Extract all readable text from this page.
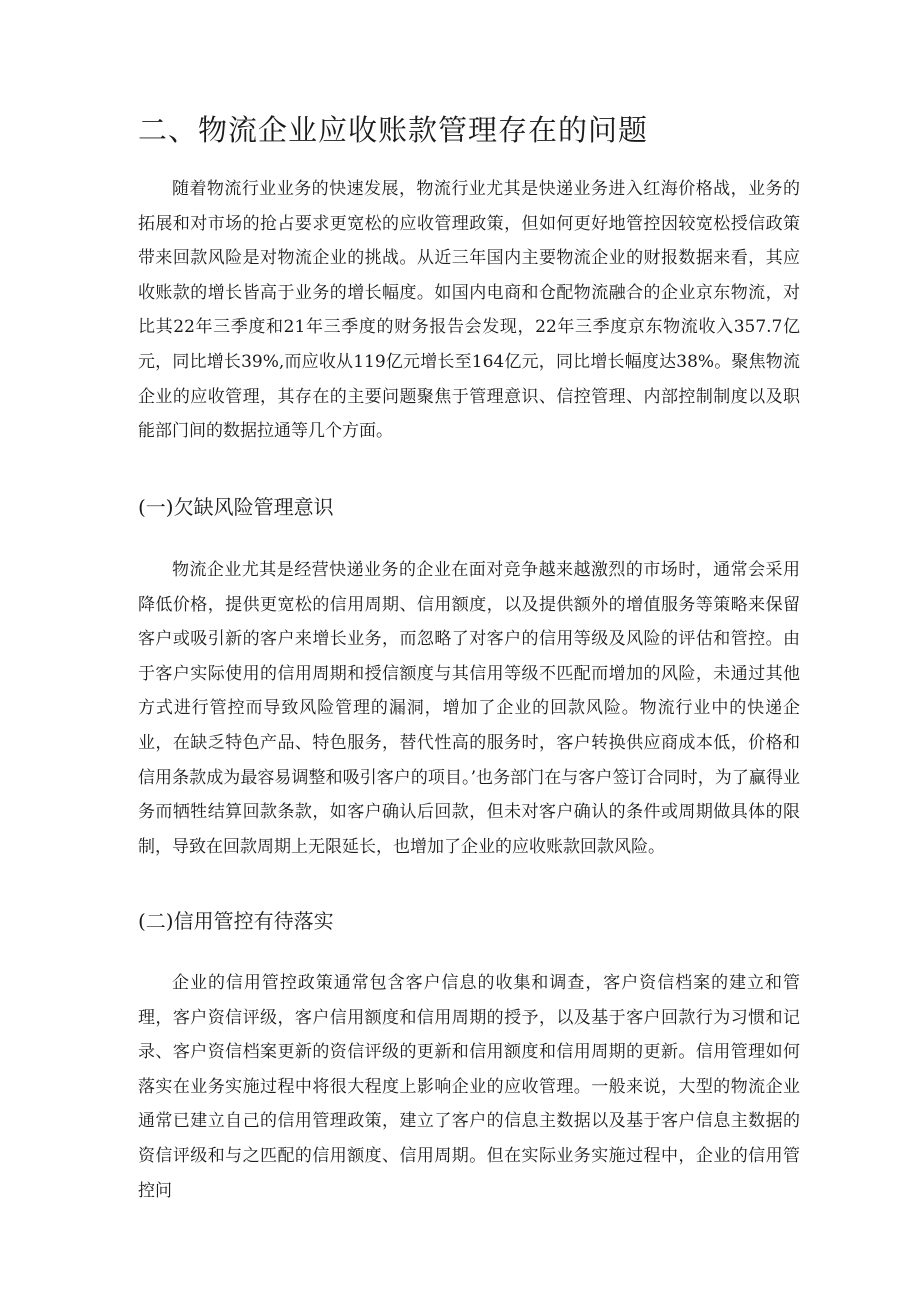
二、物流企业应收账款管理存在的问题

随着物流行业业务的快速发展，物流行业尤其是快递业务进入红海价格战，业务的拓展和对市场的抢占要求更宽松的应收管理政策，但如何更好地管控因较宽松授信政策带来回款风险是对物流企业的挑战。从近三年国内主要物流企业的财报数据来看，其应收账款的增长皆高于业务的增长幅度。如国内电商和仓配物流融合的企业京东物流，对比其22年三季度和21年三季度的财务报告会发现，22年三季度京东物流收入357.7亿元，同比增长39%,而应收从119亿元增长至164亿元，同比增长幅度达38%。聚焦物流企业的应收管理，其存在的主要问题聚焦于管理意识、信控管理、内部控制制度以及职能部门间的数据拉通等几个方面。

(一)欠缺风险管理意识

物流企业尤其是经营快递业务的企业在面对竞争越来越激烈的市场时，通常会采用降低价格，提供更宽松的信用周期、信用额度，以及提供额外的增值服务等策略来保留客户或吸引新的客户来增长业务，而忽略了对客户的信用等级及风险的评估和管控。由于客户实际使用的信用周期和授信额度与其信用等级不匹配而增加的风险，未通过其他方式进行管控而导致风险管理的漏洞，增加了企业的回款风险。物流行业中的快递企业，在缺乏特色产品、特色服务，替代性高的服务时，客户转换供应商成本低，价格和信用条款成为最容易调整和吸引客户的项目。’也务部门在与客户签订合同时，为了赢得业务而牺牲结算回款条款，如客户确认后回款，但未对客户确认的条件或周期做具体的限制，导致在回款周期上无限延长，也增加了企业的应收账款回款风险。

(二)信用管控有待落实

企业的信用管控政策通常包含客户信息的收集和调查，客户资信档案的建立和管理，客户资信评级，客户信用额度和信用周期的授予，以及基于客户回款行为习惯和记录、客户资信档案更新的资信评级的更新和信用额度和信用周期的更新。信用管理如何落实在业务实施过程中将很大程度上影响企业的应收管理。一般来说，大型的物流企业通常已建立自己的信用管理政策，建立了客户的信息主数据以及基于客户信息主数据的资信评级和与之匹配的信用额度、信用周期。但在实际业务实施过程中，企业的信用管控问
